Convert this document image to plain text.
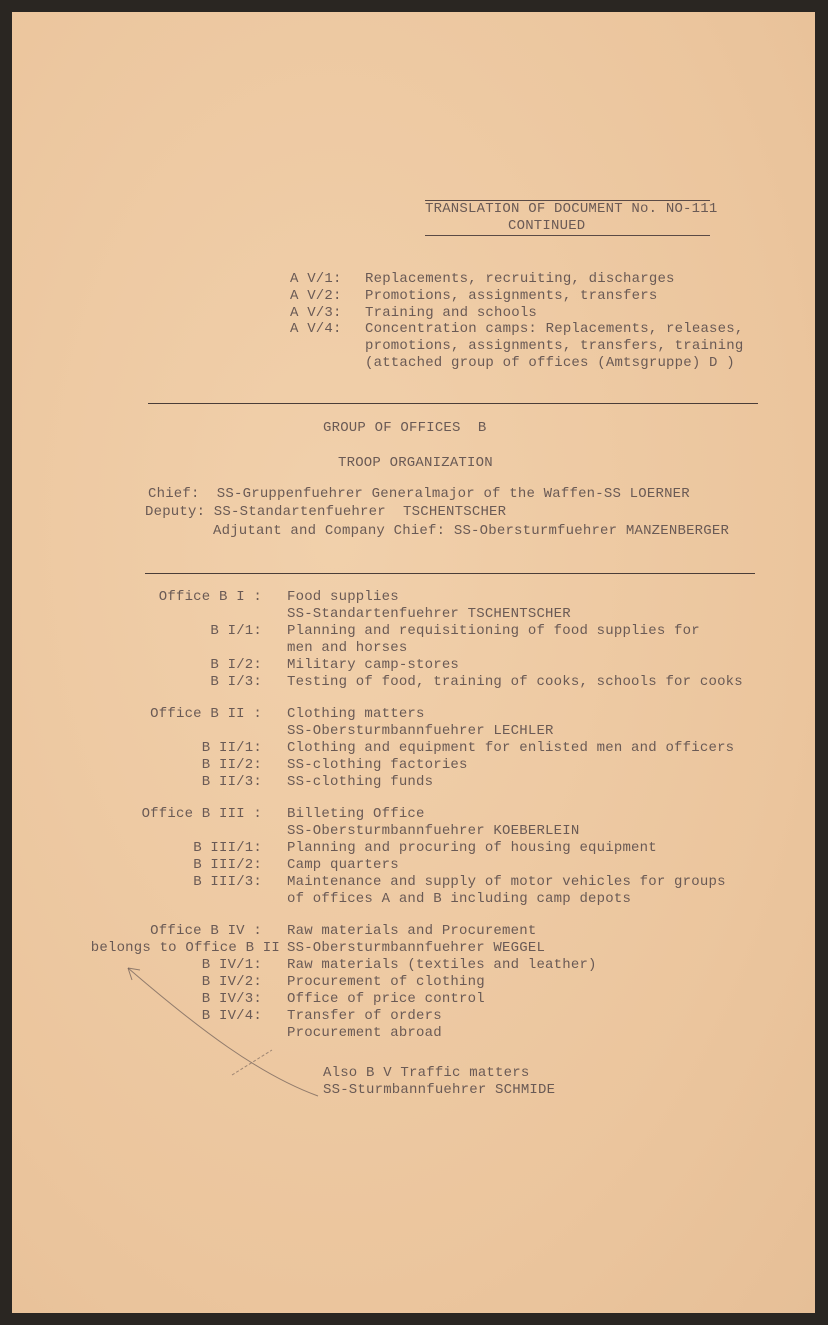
TRANSLATION OF DOCUMENT No. NO-111
CONTINUED
A V/1: Replacements, recruiting, discharges
A V/2: Promotions, assignments, transfers
A V/3: Training and schools
A V/4: Concentration camps: Replacements, releases,
promotions, assignments, transfers, training
(attached group of offices (Amtsgruppe) D )
GROUP OF OFFICES  B
TROOP ORGANIZATION
Chief:  SS-Gruppenfuehrer Generalmajor of the Waffen-SS LOERNER
Deputy: SS-Standartenfuehrer  TSCHENTSCHER
Adjutant and Company Chief: SS-Obersturmfuehrer MANZENBERGER
Office B I : Food supplies
SS-Standartenfuehrer TSCHENTSCHER
B I/1: Planning and requisitioning of food supplies for
men and horses
B I/2: Military camp-stores
B I/3: Testing of food, training of cooks, schools for cooks
Office B II : Clothing matters
SS-Obersturmbannfuehrer LECHLER
B II/1: Clothing and equipment for enlisted men and officers
B II/2: SS-clothing factories
B II/3: SS-clothing funds
Office B III : Billeting Office
SS-Obersturmbannfuehrer KOEBERLEIN
B III/1: Planning and procuring of housing equipment
B III/2: Camp quarters
B III/3: Maintenance and supply of motor vehicles for groups
of offices A and B including camp depots
Office B IV : Raw materials and Procurement
belongs to Office B II SS-Obersturmbannfuehrer WEGGEL
B IV/1: Raw materials (textiles and leather)
B IV/2: Procurement of clothing
B IV/3: Office of price control
B IV/4: Transfer of orders
Procurement abroad
Also B V Traffic matters
SS-Sturmbannfuehrer SCHMIDE
